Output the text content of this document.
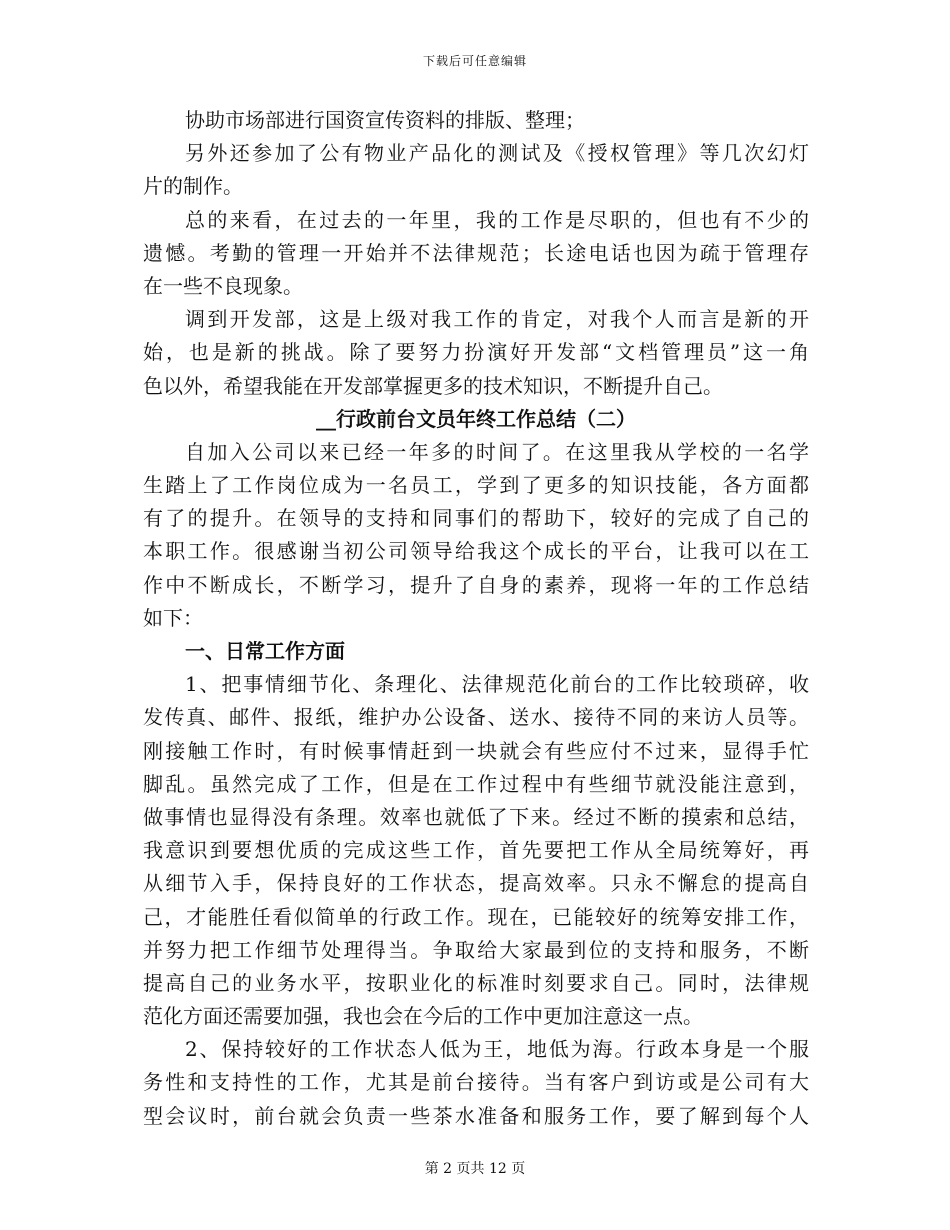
下载后可任意编辑
协助市场部进行国资宣传资料的排版、整理；
另外还参加了公有物业产品化的测试及《授权管理》等几次幻灯
片的制作。
总的来看，在过去的一年里，我的工作是尽职的，但也有不少的
遗憾。考勤的管理一开始并不法律规范；长途电话也因为疏于管理存
在一些不良现象。
调到开发部，这是上级对我工作的肯定，对我个人而言是新的开
始，也是新的挑战。除了要努力扮演好开发部“文档管理员”这一角
色以外，希望我能在开发部掌握更多的技术知识，不断提升自己。
__行政前台文员年终工作总结（二）
自加入公司以来已经一年多的时间了。在这里我从学校的一名学
生踏上了工作岗位成为一名员工，学到了更多的知识技能，各方面都
有了的提升。在领导的支持和同事们的帮助下，较好的完成了自己的
本职工作。很感谢当初公司领导给我这个成长的平台，让我可以在工
作中不断成长，不断学习，提升了自身的素养，现将一年的工作总结
如下：
一、日常工作方面
1、把事情细节化、条理化、法律规范化前台的工作比较琐碎，收
发传真、邮件、报纸，维护办公设备、送水、接待不同的来访人员等。
刚接触工作时，有时候事情赶到一块就会有些应付不过来，显得手忙
脚乱。虽然完成了工作，但是在工作过程中有些细节就没能注意到，
做事情也显得没有条理。效率也就低了下来。经过不断的摸索和总结，
我意识到要想优质的完成这些工作，首先要把工作从全局统筹好，再
从细节入手，保持良好的工作状态，提高效率。只永不懈怠的提高自
己，才能胜任看似简单的行政工作。现在，已能较好的统筹安排工作，
并努力把工作细节处理得当。争取给大家最到位的支持和服务，不断
提高自己的业务水平，按职业化的标准时刻要求自己。同时，法律规
范化方面还需要加强，我也会在今后的工作中更加注意这一点。
2、保持较好的工作状态人低为王，地低为海。行政本身是一个服
务性和支持性的工作，尤其是前台接待。当有客户到访或是公司有大
型会议时，前台就会负责一些茶水准备和服务工作，要了解到每个人
第 2 页共 12 页
